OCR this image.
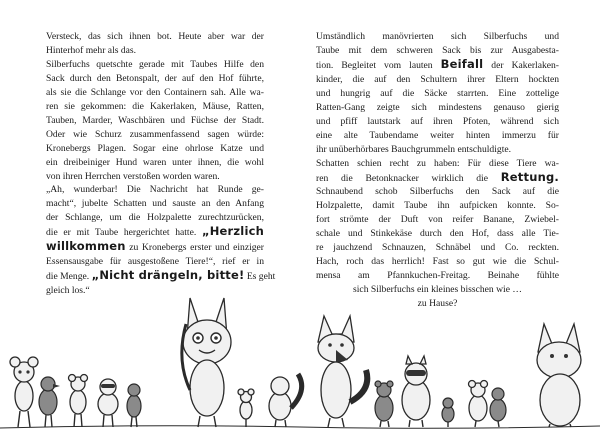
Versteck, das sich ihnen bot. Heute aber war der
Hinterhof mehr als das.
Silberfuchs quetschte gerade mit Taubes Hilfe den
Sack durch den Betonspalt, der auf den Hof führte,
als sie die Schlange vor den Containern sah. Alle wa-
ren sie gekommen: die Kakerlaken, Mäuse, Ratten,
Tauben, Marder, Waschbären und Füchse der Stadt.
Oder wie Schurz zusammenfassend sagen würde:
Kronebergs Plagen. Sogar eine ohrlose Katze und
ein dreibeiniger Hund waren unter ihnen, die wohl
von ihren Herrchen verstoßen worden waren.
„Ah, wunderbar! Die Nachricht hat Runde ge-
macht“, jubelte Schatten und sauste an den Anfang
der Schlange, um die Holzpalette zurechtzurücken,
die er mit Taube hergerichtet hatte. „Herzlich
willkommen zu Kronebergs erster und einziger
Essensausgabe für ausgestoßene Tiere!“, rief er in
die Menge. „Nicht drängeln, bitte! Es geht
gleich los.“
Umständlich manövrierten sich Silberfuchs und
Taube mit dem schweren Sack bis zur Ausgabesta-
tion. Begleitet vom lauten Beifall der Kakerlaken-
kinder, die auf den Schultern ihrer Eltern hockten
und hungrig auf die Säcke starrten. Eine zottelige
Ratten-Gang zeigte sich mindestens genauso gierig
und pfiff lautstark auf ihren Pfoten, während sich
eine alte Taubendame weiter hinten immerzu für
ihr unüberhörbares Bauchgrummeln entschuldigte.
Schatten schien recht zu haben: Für diese Tiere wa-
ren die Betonknacker wirklich die Rettung.
Schnaubend schob Silberfuchs den Sack auf die
Holzpalette, damit Taube ihn aufpicken konnte. So-
fort strömte der Duft von reifer Banane, Zwiebel-
schale und Stinkekäse durch den Hof, dass alle Tie-
re jauchzend Schnauzen, Schnäbel und Co. reckten.
Hach, roch das herrlich! Fast so gut wie die Schul-
mensa am Pfannkuchen-Freitag. Beinahe fühlte
sich Silberfuchs ein kleines bisschen wie …
zu Hause?
